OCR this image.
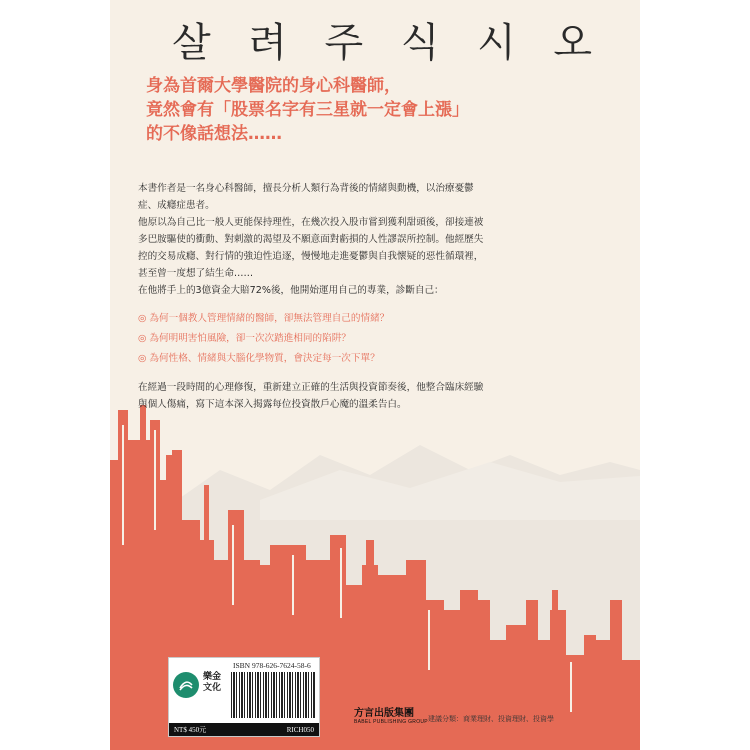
살 려 주 식 시 오
身為首爾大學醫院的身心科醫師，
竟然會有「股票名字有三星就一定會上漲」
的不像話想法……

本書作者是一名身心科醫師，擅長分析人類行為背後的情緒與動機，以治療憂鬱

症、成癮症患者。

他原以為自己比一般人更能保持理性，在幾次投入股市嘗到獲利甜頭後，卻接連被

多巴胺驅使的衝動、對刺激的渴望及不願意面對虧損的人性謬誤所控制。他經歷失

控的交易成癮、對行情的強迫性追逐，慢慢地走進憂鬱與自我懷疑的惡性循環裡，

甚至曾一度想了結生命……

在他將手上的3億資金大賠72%後，他開始運用自己的專業，診斷自己：

◎ 為何一個教人管理情緒的醫師，卻無法管理自己的情緒？
◎ 為何明明害怕風險，卻一次次踏進相同的陷阱？
◎ 為何性格、情緒與大腦化學物質，會決定每一次下單？

在經過一段時間的心理修復，重新建立正確的生活與投資節奏後，他整合臨床經驗

與個人傷痛，寫下這本深入揭露每位投資散戶心魔的溫柔告白。

ISBN 978-626-7624-58-6
樂金
文化
NT$ 450元	RICH050
方言出版集團
BABEL PUBLISHING GROUP 建議分類：商業理財、投資理財、投資學
